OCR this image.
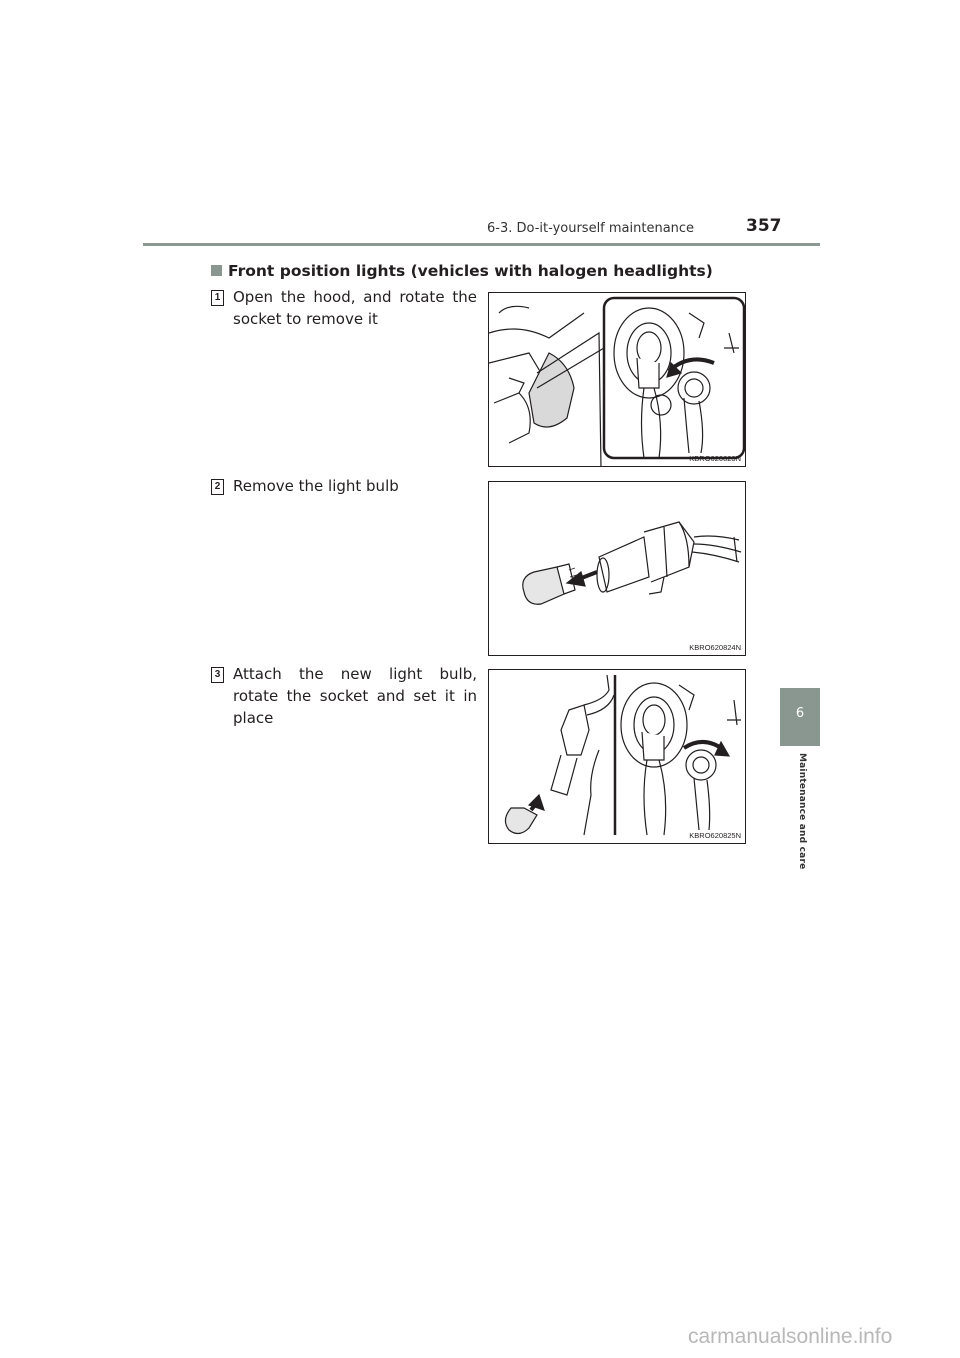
6-3. Do-it-yourself maintenance	357
6
Maintenance and care
Front position lights (vehicles with halogen headlights)
1 Open the hood, and rotate the socket to remove it
KBRO620823N
2 Remove the light bulb
KBRO620824N
3 Attach the new light bulb, rotate the socket and set it in place
KBRO620825N
carmanualsonline.info
